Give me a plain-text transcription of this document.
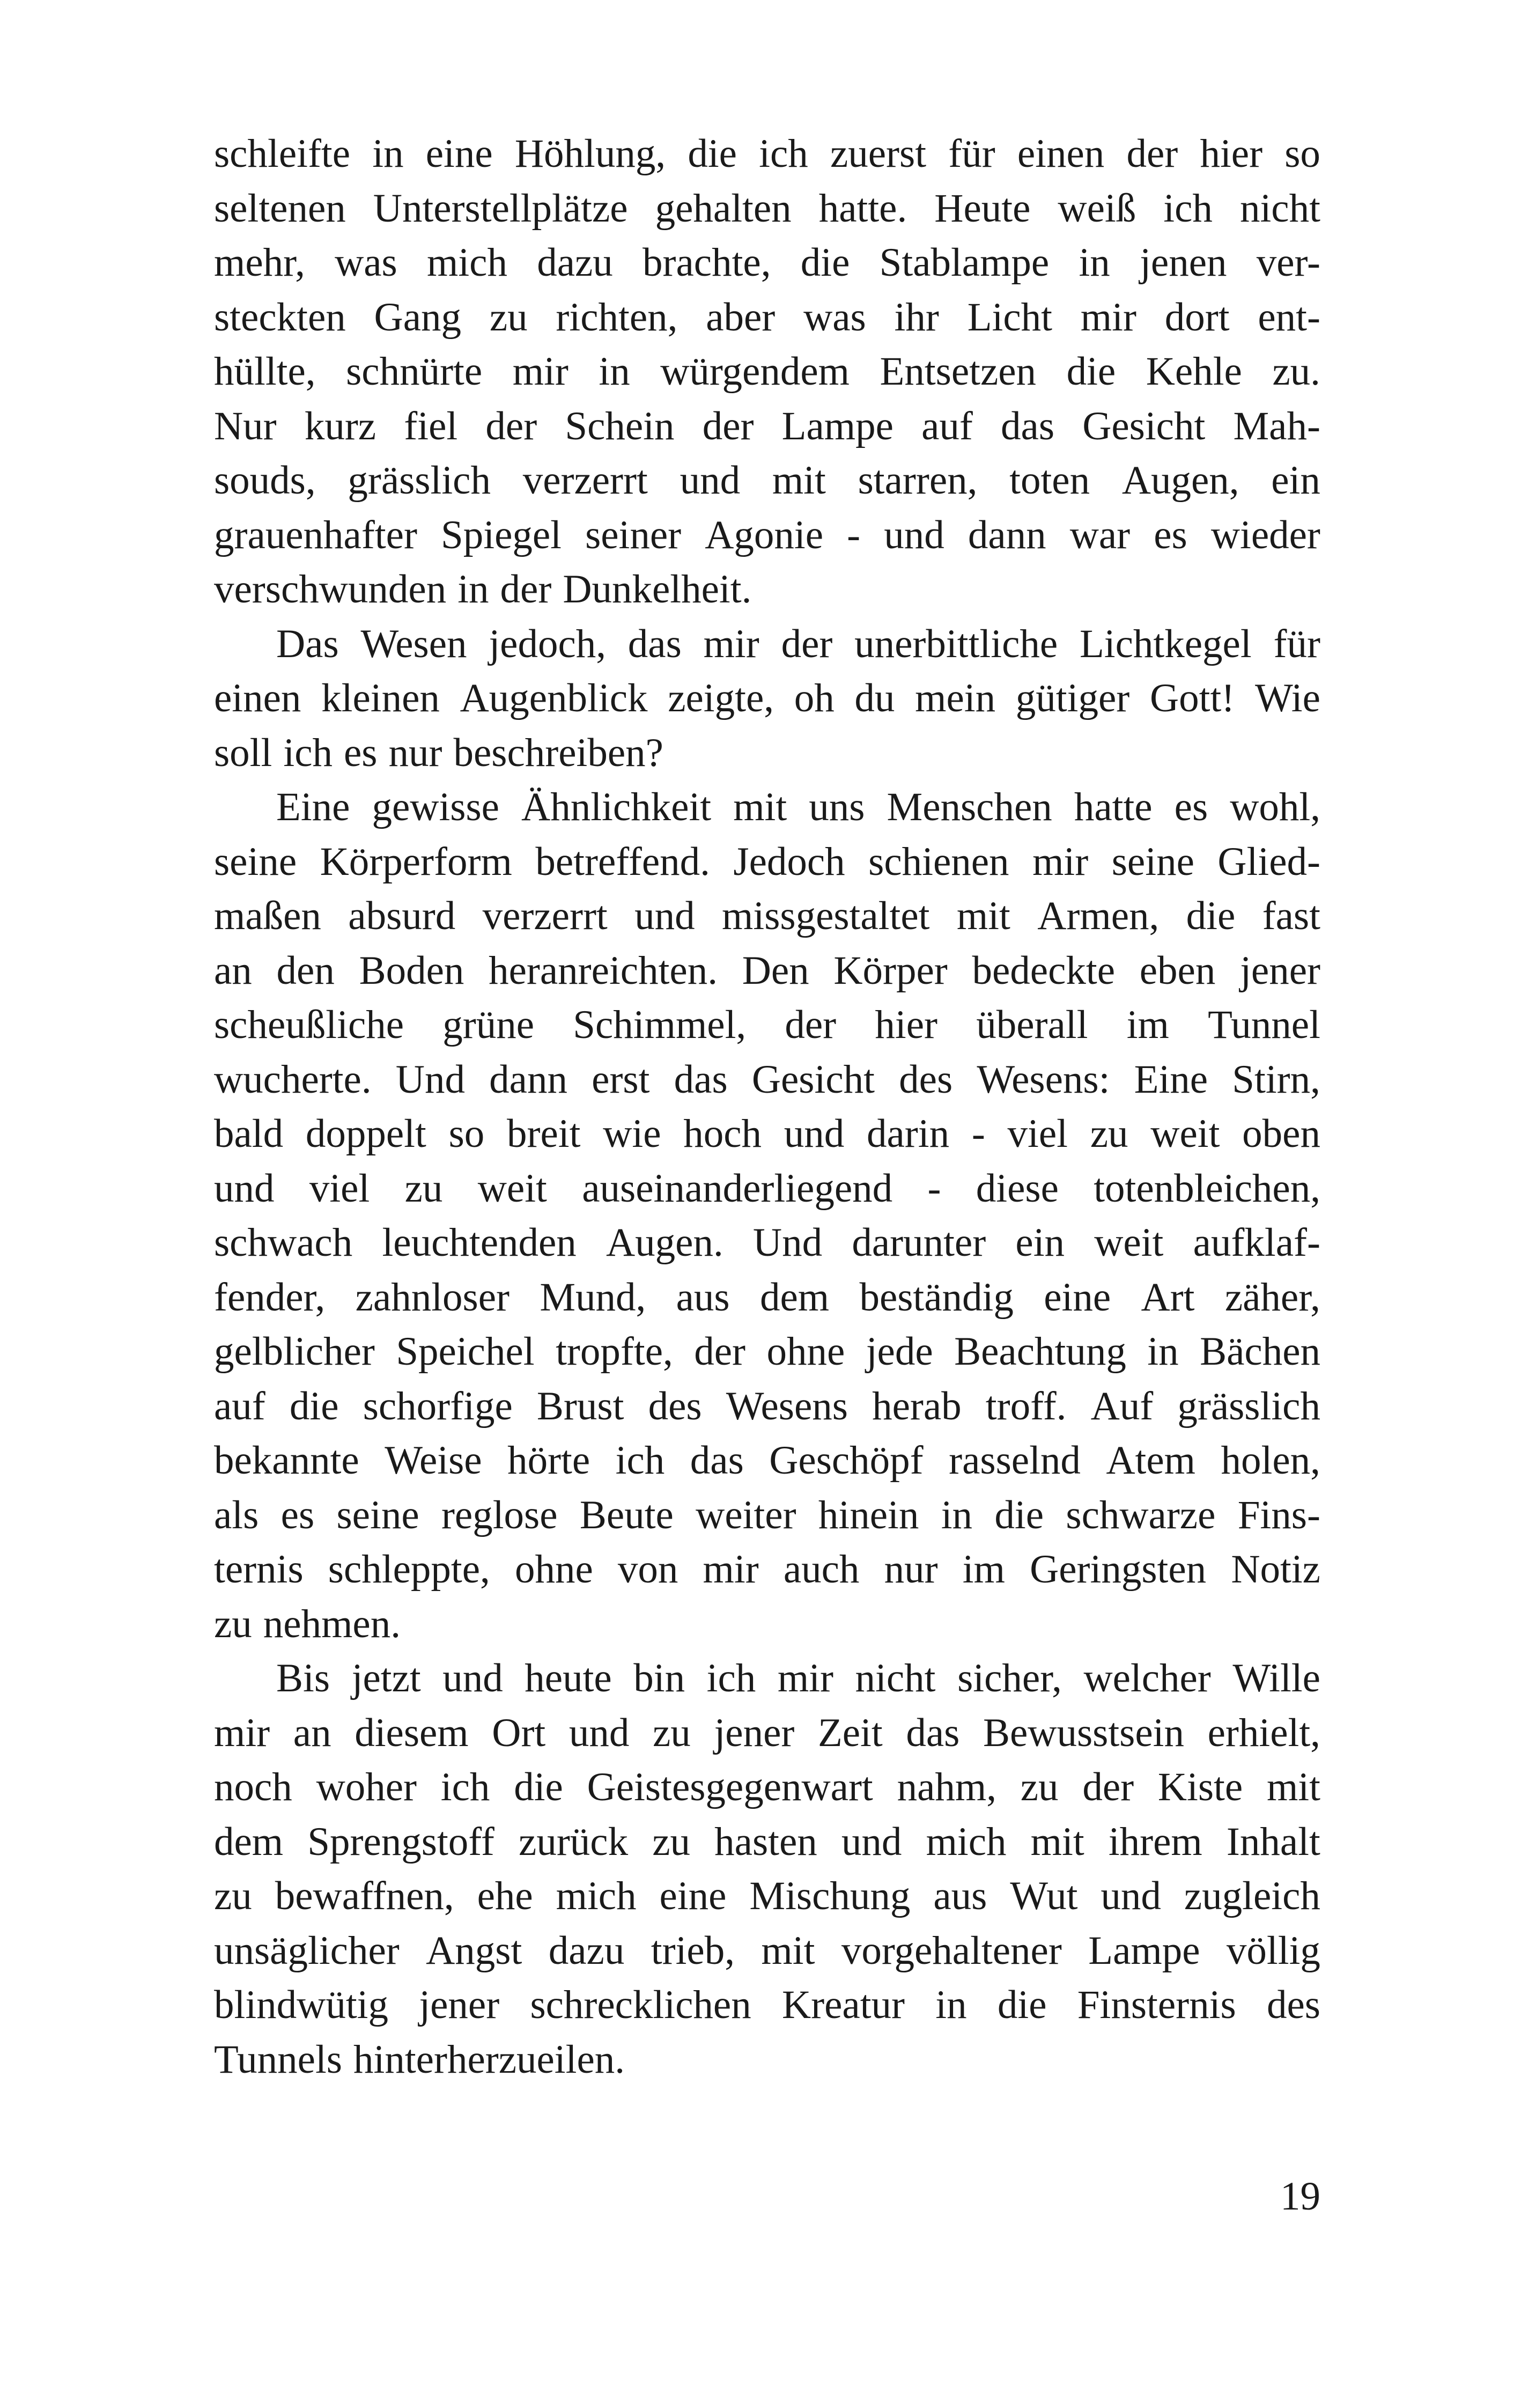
schleifte in eine Höhlung, die ich zuerst für einen der hier so
seltenen Unterstellplätze gehalten hatte. Heute weiß ich nicht
mehr, was mich dazu brachte, die Stablampe in jenen ver-
steckten Gang zu richten, aber was ihr Licht mir dort ent-
hüllte, schnürte mir in würgendem Entsetzen die Kehle zu.
Nur kurz fiel der Schein der Lampe auf das Gesicht Mah-
souds, grässlich verzerrt und mit starren, toten Augen, ein
grauenhafter Spiegel seiner Agonie - und dann war es wieder
verschwunden in der Dunkelheit.
Das Wesen jedoch, das mir der unerbittliche Lichtkegel für
einen kleinen Augenblick zeigte, oh du mein gütiger Gott! Wie
soll ich es nur beschreiben?
Eine gewisse Ähnlichkeit mit uns Menschen hatte es wohl,
seine Körperform betreffend. Jedoch schienen mir seine Glied-
maßen absurd verzerrt und missgestaltet mit Armen, die fast
an den Boden heranreichten. Den Körper bedeckte eben jener
scheußliche grüne Schimmel, der hier überall im Tunnel
wucherte. Und dann erst das Gesicht des Wesens: Eine Stirn,
bald doppelt so breit wie hoch und darin - viel zu weit oben
und viel zu weit auseinanderliegend - diese totenbleichen,
schwach leuchtenden Augen. Und darunter ein weit aufklaf-
fender, zahnloser Mund, aus dem beständig eine Art zäher,
gelblicher Speichel tropfte, der ohne jede Beachtung in Bächen
auf die schorfige Brust des Wesens herab troff. Auf grässlich
bekannte Weise hörte ich das Geschöpf rasselnd Atem holen,
als es seine reglose Beute weiter hinein in die schwarze Fins-
ternis schleppte, ohne von mir auch nur im Geringsten Notiz
zu nehmen.
Bis jetzt und heute bin ich mir nicht sicher, welcher Wille
mir an diesem Ort und zu jener Zeit das Bewusstsein erhielt,
noch woher ich die Geistesgegenwart nahm, zu der Kiste mit
dem Sprengstoff zurück zu hasten und mich mit ihrem Inhalt
zu bewaffnen, ehe mich eine Mischung aus Wut und zugleich
unsäglicher Angst dazu trieb, mit vorgehaltener Lampe völlig
blindwütig jener schrecklichen Kreatur in die Finsternis des
Tunnels hinterherzueilen.
19
